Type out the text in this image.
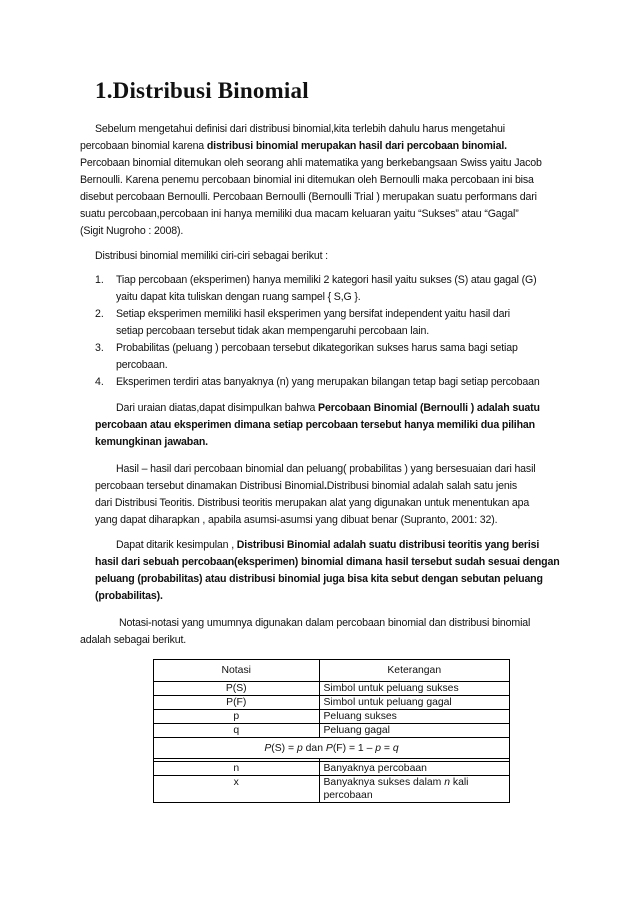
1.Distribusi Binomial
Sebelum mengetahui definisi dari distribusi binomial,kita terlebih dahulu harus mengetahui
percobaan binomial karena distribusi binomial merupakan hasil dari percobaan binomial.
Percobaan binomial ditemukan oleh seorang ahli matematika yang berkebangsaan Swiss yaitu Jacob
Bernoulli. Karena penemu percobaan binomial ini ditemukan oleh Bernoulli maka percobaan ini bisa
disebut percobaan Bernoulli. Percobaan Bernoulli (Bernoulli Trial ) merupakan suatu performans dari
suatu percobaan,percobaan ini hanya memiliki dua macam keluaran yaitu “Sukses” atau “Gagal”
(Sigit Nugroho : 2008).
Distribusi binomial memiliki ciri-ciri sebagai berikut :
1. Tiap percobaan (eksperimen) hanya memiliki 2 kategori hasil yaitu sukses (S) atau gagal (G)
yaitu dapat kita tuliskan dengan ruang sampel { S,G }.
2. Setiap eksperimen memiliki hasil eksperimen yang bersifat independent yaitu hasil dari
setiap percobaan tersebut tidak akan mempengaruhi percobaan lain.
3. Probabilitas (peluang ) percobaan tersebut dikategorikan sukses harus sama bagi setiap
percobaan.
4. Eksperimen terdiri atas banyaknya (n) yang merupakan bilangan tetap bagi setiap percobaan
Dari uraian diatas,dapat disimpulkan bahwa Percobaan Binomial (Bernoulli ) adalah suatu
percobaan atau eksperimen dimana setiap percobaan tersebut hanya memiliki dua pilihan
kemungkinan jawaban.
Hasil – hasil dari percobaan binomial dan peluang( probabilitas ) yang bersesuaian dari hasil
percobaan tersebut dinamakan Distribusi Binomial.Distribusi binomial adalah salah satu jenis
dari Distribusi Teoritis. Distribusi teoritis merupakan alat yang digunakan untuk menentukan apa
yang dapat diharapkan , apabila asumsi-asumsi yang dibuat benar (Supranto, 2001: 32).
Dapat ditarik kesimpulan , Distribusi Binomial adalah suatu distribusi teoritis yang berisi
hasil dari sebuah percobaan(eksperimen) binomial dimana hasil tersebut sudah sesuai dengan
peluang (probabilitas) atau distribusi binomial juga bisa kita sebut dengan sebutan peluang
(probabilitas).
Notasi-notasi yang umumnya digunakan dalam percobaan binomial dan distribusi binomial
adalah sebagai berikut.
Notasi	Keterangan
P(S)	Simbol untuk peluang sukses
P(F)	Simbol untuk peluang gagal
p	Peluang sukses
q	Peluang gagal
P(S) = p dan P(F) = 1 – p = q	

n	Banyaknya percobaan
x	Banyaknya sukses dalam n kali
percobaan
